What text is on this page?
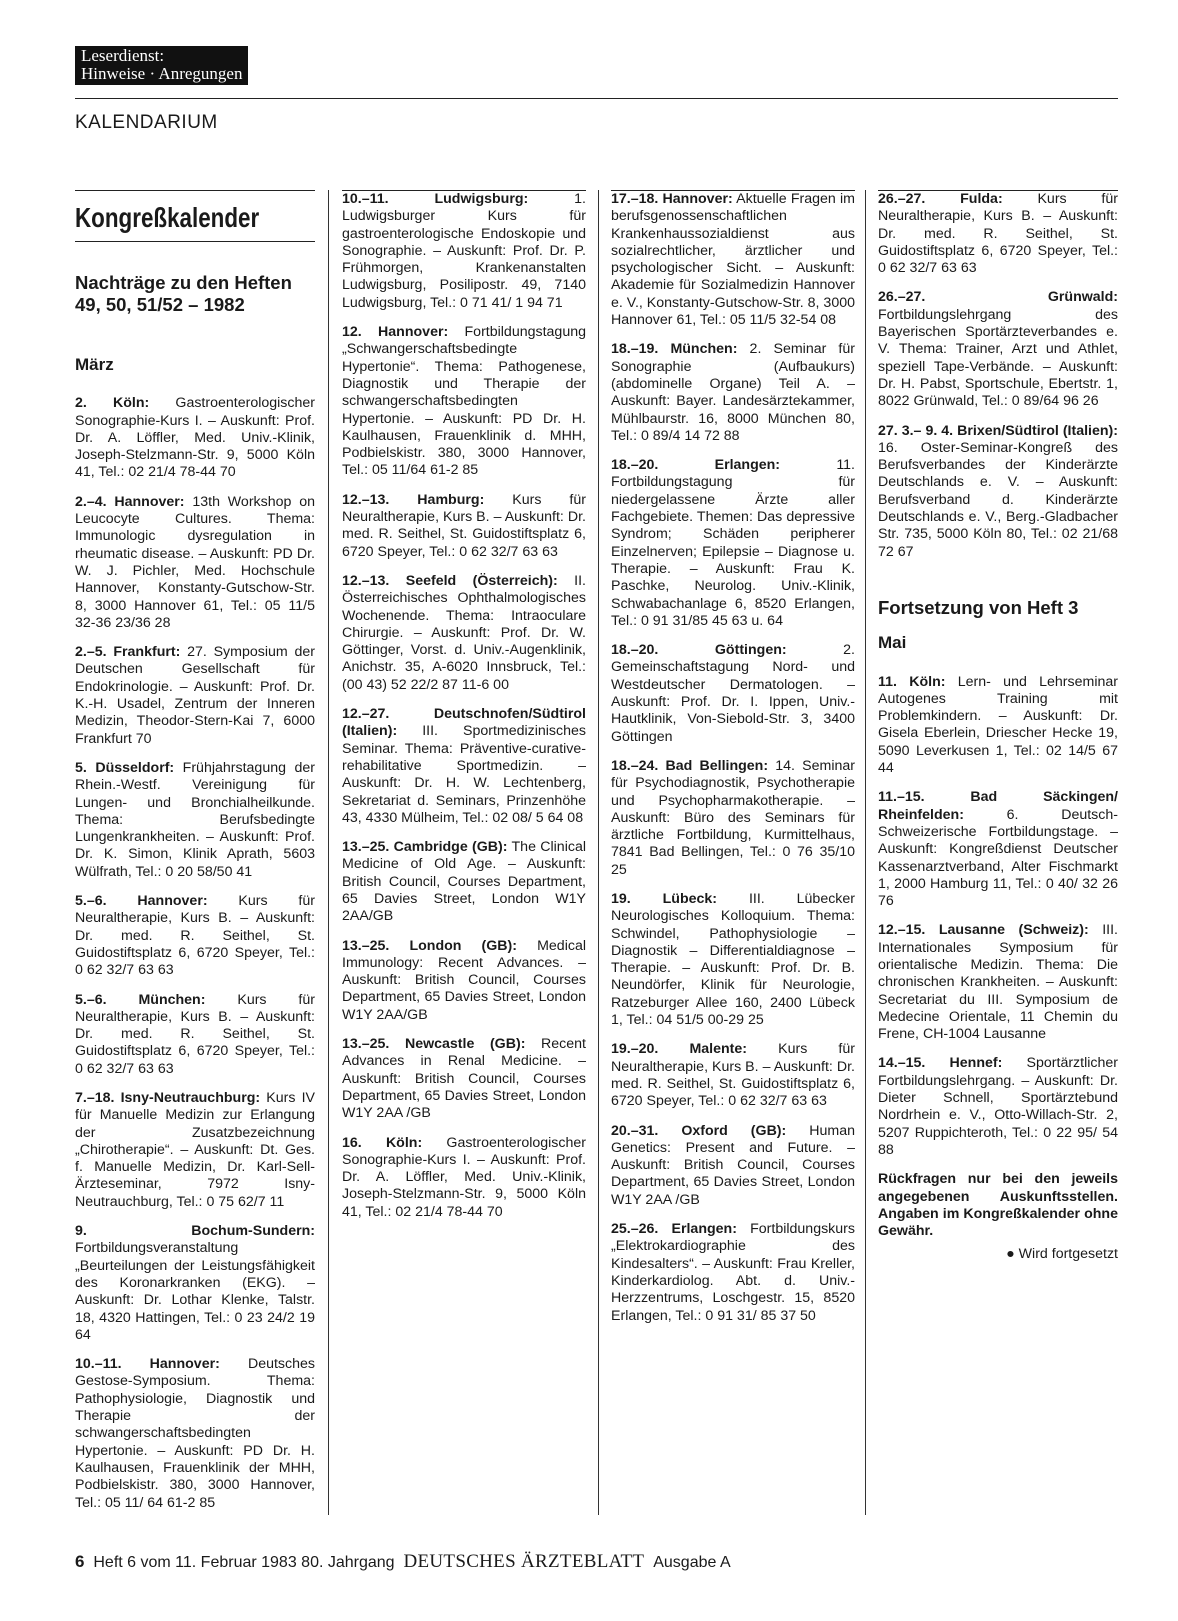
Leserdienst:
Hinweise · Anregungen
KALENDARIUM
Kongreßkalender
Nachträge zu den Heften 49, 50, 51/52 – 1982
März
2. Köln: Gastroenterologischer Sonographie-Kurs I. – Auskunft: Prof. Dr. A. Löffler, Med. Univ.-Klinik, Joseph-Stelzmann-Str. 9, 5000 Köln 41, Tel.: 02 21/4 78-44 70
2.–4. Hannover: 13th Workshop on Leucocyte Cultures. Thema: Immunologic dysregulation in rheumatic disease. – Auskunft: PD Dr. W. J. Pichler, Med. Hochschule Hannover, Konstanty-Gutschow-Str. 8, 3000 Hannover 61, Tel.: 05 11/5 32-36 23/36 28
2.–5. Frankfurt: 27. Symposium der Deutschen Gesellschaft für Endokrinologie. – Auskunft: Prof. Dr. K.-H. Usadel, Zentrum der Inneren Medizin, Theodor-Stern-Kai 7, 6000 Frankfurt 70
5. Düsseldorf: Frühjahrstagung der Rhein.-Westf. Vereinigung für Lungen- und Bronchialheilkunde. Thema: Berufsbedingte Lungenkrankheiten. – Auskunft: Prof. Dr. K. Simon, Klinik Aprath, 5603 Wülfrath, Tel.: 0 20 58/50 41
5.–6. Hannover: Kurs für Neuraltherapie, Kurs B. – Auskunft: Dr. med. R. Seithel, St. Guidostiftsplatz 6, 6720 Speyer, Tel.: 0 62 32/7 63 63
5.–6. München: Kurs für Neuraltherapie, Kurs B. – Auskunft: Dr. med. R. Seithel, St. Guidostiftsplatz 6, 6720 Speyer, Tel.: 0 62 32/7 63 63
7.–18. Isny-Neutrauchburg: Kurs IV für Manuelle Medizin zur Erlangung der Zusatzbezeichnung „Chirotherapie“. – Auskunft: Dt. Ges. f. Manuelle Medizin, Dr. Karl-Sell-Ärzteseminar, 7972 Isny-Neutrauchburg, Tel.: 0 75 62/7 11
9. Bochum-Sundern: Fortbildungsveranstaltung „Beurteilungen der Leistungsfähigkeit des Koronarkranken (EKG). – Auskunft: Dr. Lothar Klenke, Talstr. 18, 4320 Hattingen, Tel.: 0 23 24/2 19 64
10.–11. Hannover: Deutsches Gestose-Symposium. Thema: Pathophysiologie, Diagnostik und Therapie der schwangerschaftsbedingten Hypertonie. – Auskunft: PD Dr. H. Kaulhausen, Frauenklinik der MHH, Podbielskistr. 380, 3000 Hannover, Tel.: 05 11/ 64 61-2 85
10.–11. Ludwigsburg: 1. Ludwigsburger Kurs für gastroenterologische Endoskopie und Sonographie. – Auskunft: Prof. Dr. P. Frühmorgen, Krankenanstalten Ludwigsburg, Posilipostr. 49, 7140 Ludwigsburg, Tel.: 0 71 41/ 1 94 71
12. Hannover: Fortbildungstagung „Schwangerschaftsbedingte Hypertonie“. Thema: Pathogenese, Diagnostik und Therapie der schwangerschaftsbedingten Hypertonie. – Auskunft: PD Dr. H. Kaulhausen, Frauenklinik d. MHH, Podbielskistr. 380, 3000 Hannover, Tel.: 05 11/64 61-2 85
12.–13. Hamburg: Kurs für Neuraltherapie, Kurs B. – Auskunft: Dr. med. R. Seithel, St. Guidostiftsplatz 6, 6720 Speyer, Tel.: 0 62 32/7 63 63
12.–13. Seefeld (Österreich): II. Österreichisches Ophthalmologisches Wochenende. Thema: Intraoculare Chirurgie. – Auskunft: Prof. Dr. W. Göttinger, Vorst. d. Univ.-Augenklinik, Anichstr. 35, A-6020 Innsbruck, Tel.: (00 43) 52 22/2 87 11-6 00
12.–27. Deutschnofen/Südtirol (Italien): III. Sportmedizinisches Seminar. Thema: Präventive-curative-rehabilitative Sportmedizin. – Auskunft: Dr. H. W. Lechtenberg, Sekretariat d. Seminars, Prinzenhöhe 43, 4330 Mülheim, Tel.: 02 08/ 5 64 08
13.–25. Cambridge (GB): The Clinical Medicine of Old Age. – Auskunft: British Council, Courses Department, 65 Davies Street, London W1Y 2AA/GB
13.–25. London (GB): Medical Immunology: Recent Advances. – Auskunft: British Council, Courses Department, 65 Davies Street, London W1Y 2AA/GB
13.–25. Newcastle (GB): Recent Advances in Renal Medicine. – Auskunft: British Council, Courses Department, 65 Davies Street, London W1Y 2AA /GB
16. Köln: Gastroenterologischer Sonographie-Kurs I. – Auskunft: Prof. Dr. A. Löffler, Med. Univ.-Klinik, Joseph-Stelzmann-Str. 9, 5000 Köln 41, Tel.: 02 21/4 78-44 70
17.–18. Hannover: Aktuelle Fragen im berufsgenossenschaftlichen Krankenhaussozialdienst aus sozialrechtlicher, ärztlicher und psychologischer Sicht. – Auskunft: Akademie für Sozialmedizin Hannover e. V., Konstanty-Gutschow-Str. 8, 3000 Hannover 61, Tel.: 05 11/5 32-54 08
18.–19. München: 2. Seminar für Sonographie (Aufbaukurs) (abdominelle Organe) Teil A. – Auskunft: Bayer. Landesärztekammer, Mühlbaurstr. 16, 8000 München 80, Tel.: 0 89/4 14 72 88
18.–20. Erlangen: 11. Fortbildungstagung für niedergelassene Ärzte aller Fachgebiete. Themen: Das depressive Syndrom; Schäden peripherer Einzelnerven; Epilepsie – Diagnose u. Therapie. – Auskunft: Frau K. Paschke, Neurolog. Univ.-Klinik, Schwabachanlage 6, 8520 Erlangen, Tel.: 0 91 31/85 45 63 u. 64
18.–20. Göttingen: 2. Gemeinschaftstagung Nord- und Westdeutscher Dermatologen. – Auskunft: Prof. Dr. I. Ippen, Univ.-Hautklinik, Von-Siebold-Str. 3, 3400 Göttingen
18.–24. Bad Bellingen: 14. Seminar für Psychodiagnostik, Psychotherapie und Psychopharmakotherapie. – Auskunft: Büro des Seminars für ärztliche Fortbildung, Kurmittelhaus, 7841 Bad Bellingen, Tel.: 0 76 35/10 25
19. Lübeck: III. Lübecker Neurologisches Kolloquium. Thema: Schwindel, Pathophysiologie – Diagnostik – Differentialdiagnose – Therapie. – Auskunft: Prof. Dr. B. Neundörfer, Klinik für Neurologie, Ratzeburger Allee 160, 2400 Lübeck 1, Tel.: 04 51/5 00-29 25
19.–20. Malente: Kurs für Neuraltherapie, Kurs B. – Auskunft: Dr. med. R. Seithel, St. Guidostiftsplatz 6, 6720 Speyer, Tel.: 0 62 32/7 63 63
20.–31. Oxford (GB): Human Genetics: Present and Future. – Auskunft: British Council, Courses Department, 65 Davies Street, London W1Y 2AA /GB
25.–26. Erlangen: Fortbildungskurs „Elektrokardiographie des Kindesalters“. – Auskunft: Frau Kreller, Kinderkardiolog. Abt. d. Univ.-Herzzentrums, Loschgestr. 15, 8520 Erlangen, Tel.: 0 91 31/ 85 37 50
26.–27. Fulda: Kurs für Neuraltherapie, Kurs B. – Auskunft: Dr. med. R. Seithel, St. Guidostiftsplatz 6, 6720 Speyer, Tel.: 0 62 32/7 63 63
26.–27. Grünwald: Fortbildungslehrgang des Bayerischen Sportärzteverbandes e. V. Thema: Trainer, Arzt und Athlet, speziell Tape-Verbände. – Auskunft: Dr. H. Pabst, Sportschule, Ebertstr. 1, 8022 Grünwald, Tel.: 0 89/64 96 26
27. 3.– 9. 4. Brixen/Südtirol (Italien): 16. Oster-Seminar-Kongreß des Berufsverbandes der Kinderärzte Deutschlands e. V. – Auskunft: Berufsverband d. Kinderärzte Deutschlands e. V., Berg.-Gladbacher Str. 735, 5000 Köln 80, Tel.: 02 21/68 72 67
Fortsetzung von Heft 3
Mai
11. Köln: Lern- und Lehrseminar Autogenes Training mit Problemkindern. – Auskunft: Dr. Gisela Eberlein, Driescher Hecke 19, 5090 Leverkusen 1, Tel.: 02 14/5 67 44
11.–15. Bad Säckingen/ Rheinfelden: 6. Deutsch-Schweizerische Fortbildungstage. – Auskunft: Kongreßdienst Deutscher Kassenarztverband, Alter Fischmarkt 1, 2000 Hamburg 11, Tel.: 0 40/ 32 26 76
12.–15. Lausanne (Schweiz): III. Internationales Symposium für orientalische Medizin. Thema: Die chronischen Krankheiten. – Auskunft: Secretariat du III. Symposium de Medecine Orientale, 11 Chemin du Frene, CH-1004 Lausanne
14.–15. Hennef: Sportärztlicher Fortbildungslehrgang. – Auskunft: Dr. Dieter Schnell, Sportärztebund Nordrhein e. V., Otto-Willach-Str. 2, 5207 Ruppichteroth, Tel.: 0 22 95/ 54 88
Rückfragen nur bei den jeweils angegebenen Auskunftsstellen. Angaben im Kongreßkalender ohne Gewähr.
● Wird fortgesetzt
6 Heft 6 vom 11. Februar 1983 80. Jahrgang DEUTSCHES ÄRZTEBLATT Ausgabe A
